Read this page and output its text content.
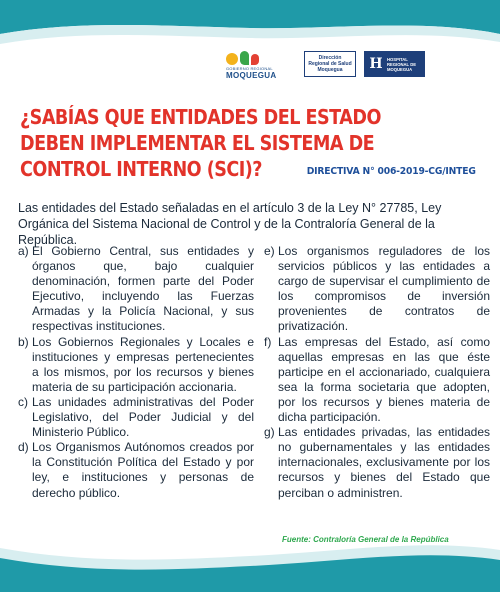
GOBIERNO REGIONAL
MOQUEGUA
Dirección Regional de Salud Moquegua	H	HOSPITAL REGIONAL DE MOQUEGUA
¿SABÍAS QUE ENTIDADES DEL ESTADO DEBEN IMPLEMENTAR EL SISTEMA DE CONTROL INTERNO (SCI)?	DIRECTIVA N° 006-2019-CG/INTEG
Las entidades del Estado señaladas en el artículo 3 de la Ley N° 27785, Ley Orgánica del Sistema Nacional de Control y de la Contraloría General de la República.
a) El Gobierno Central, sus entidades y órganos que, bajo cualquier denominación, formen parte del Poder Ejecutivo, incluyendo las Fuerzas Armadas y la Policía Nacional, y sus respectivas instituciones.
b) Los Gobiernos Regionales y Locales e instituciones y empresas pertenecientes a los mismos, por los recursos y bienes materia de su participación accionaria.
c) Las unidades administrativas del Poder Legislativo, del Poder Judicial y del Ministerio Público.
d) Los Organismos Autónomos creados por la Constitución Política del Estado y por ley, e instituciones y personas de derecho público.
e) Los organismos reguladores de los servicios públicos y las entidades a cargo de supervisar el cumplimiento de los compromisos de inversión provenientes de contratos de privatización.
f) Las empresas del Estado, así como aquellas empresas en las que éste participe en el accionariado, cualquiera sea la forma societaria que adopten, por los recursos y bienes materia de dicha participación.
g) Las entidades privadas, las entidades no gubernamentales y las entidades internacionales, exclusivamente por los recursos y bienes del Estado que perciban o administren.
Fuente: Contraloría General de la República
